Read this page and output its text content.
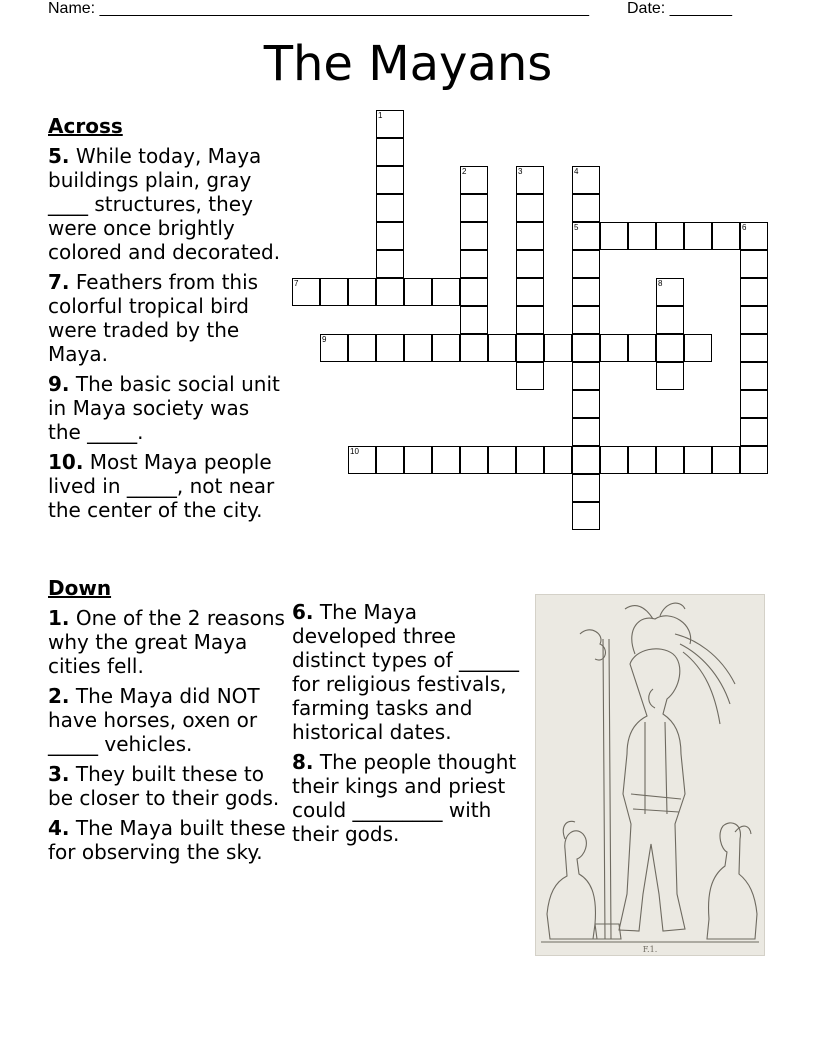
Name: _______________________________________________________ Date: _______
The Mayans
Across
5. While today, Maya buildings plain, gray ____ structures, they were once brightly colored and decorated.
7. Feathers from this colorful tropical bird were traded by the Maya.
9. The basic social unit in Maya society was the _____.
10. Most Maya people lived in _____, not near the center of the city.
Down
1. One of the 2 reasons why the great Maya cities fell.
2. The Maya did NOT have horses, oxen or _____ vehicles.
3. They built these to be closer to their gods.
4. The Maya built these for observing the sky.
6. The Maya developed three distinct types of ______ for religious festivals, farming tasks and historical dates.
8. The people thought their kings and priest could _________ with their gods.
1
2	3	4
5	6
7	8
9
10
F.1.
